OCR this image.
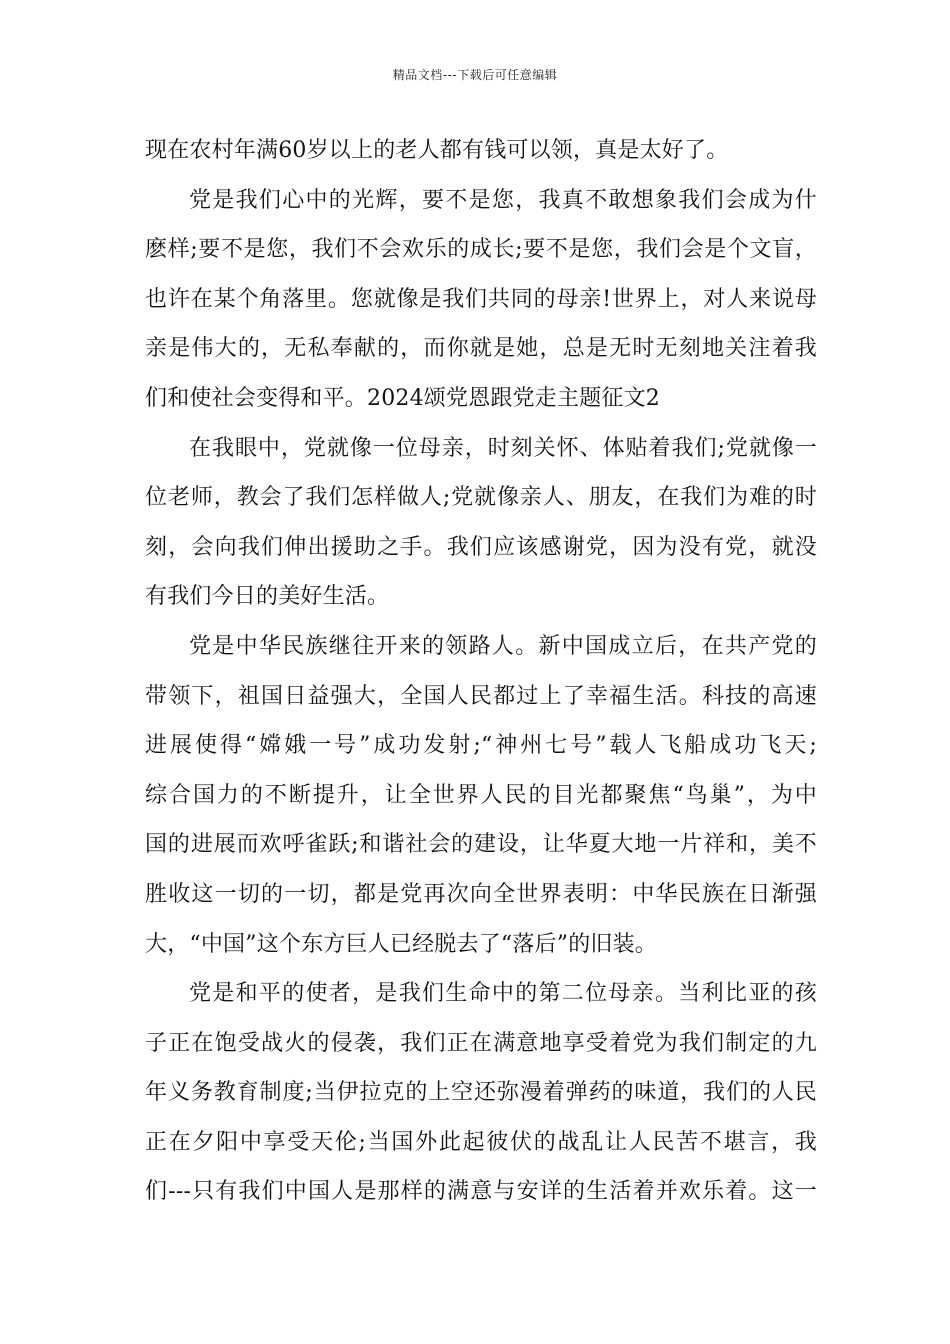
精品文档---下载后可任意编辑
现在农村年满60岁以上的老人都有钱可以领，真是太好了。
党是我们心中的光辉，要不是您，我真不敢想象我们会成为什
麽样;要不是您，我们不会欢乐的成长;要不是您，我们会是个文盲，
也许在某个角落里。您就像是我们共同的母亲!世界上，对人来说母
亲是伟大的，无私奉献的，而你就是她，总是无时无刻地关注着我
们和使社会变得和平。2024颂党恩跟党走主题征文2
在我眼中，党就像一位母亲，时刻关怀、体贴着我们;党就像一
位老师，教会了我们怎样做人;党就像亲人、朋友，在我们为难的时
刻，会向我们伸出援助之手。我们应该感谢党，因为没有党，就没
有我们今日的美好生活。
党是中华民族继往开来的领路人。新中国成立后，在共产党的
带领下，祖国日益强大，全国人民都过上了幸福生活。科技的高速
进展使得“嫦娥一号”成功发射;“神州七号”载人飞船成功飞天;
综合国力的不断提升，让全世界人民的目光都聚焦“鸟巢”，为中
国的进展而欢呼雀跃;和谐社会的建设，让华夏大地一片祥和，美不
胜收这一切的一切，都是党再次向全世界表明：中华民族在日渐强
大，“中国”这个东方巨人已经脱去了“落后”的旧装。
党是和平的使者，是我们生命中的第二位母亲。当利比亚的孩
子正在饱受战火的侵袭，我们正在满意地享受着党为我们制定的九
年义务教育制度;当伊拉克的上空还弥漫着弹药的味道，我们的人民
正在夕阳中享受天伦;当国外此起彼伏的战乱让人民苦不堪言，我
们---只有我们中国人是那样的满意与安详的生活着并欢乐着。这一
